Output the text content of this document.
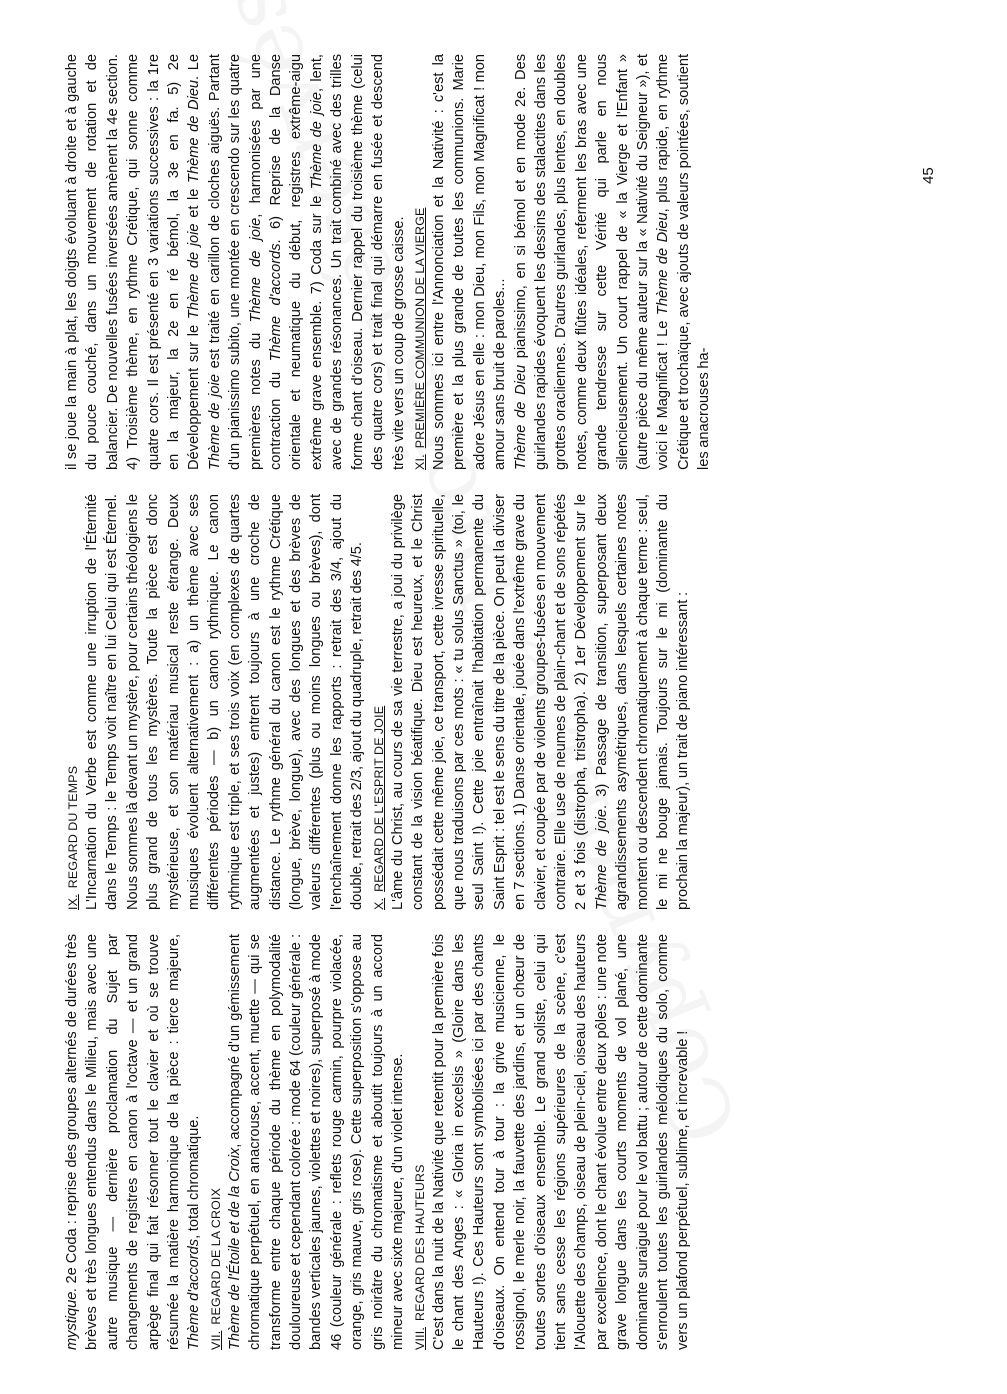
mystique. 2e Coda : reprise des groupes alternés de durées très brèves et très longues entendus dans le Milieu, mais avec une autre musique — dernière proclamation du Sujet par changements de registres en canon à l'octave — et un grand arpège final qui fait résonner tout le clavier et où se trouve résumée la matière harmonique de la pièce : tierce majeure, Thème d'accords, total chromatique.

VII.REGARD DE LA CROIX Thème de l'Étoile et de la Croix, accompagné d'un gémissement chromatique perpétuel, en anacrouse, accent, muette — qui se transforme entre chaque période du thème en polymodalité douloureuse et cependant colorée : mode 64 (couleur générale : bandes verticales jaunes, violettes et noires), superposé à mode 46 (couleur générale : reflets rouge carmin, pourpre violacée, orange, gris mauve, gris rose). Cette superposition s'oppose au gris noirâtre du chromatisme et aboutit toujours à un accord mineur avec sixte majeure, d'un violet intense. VIII.REGARD DES HAUTEURS C'est dans la nuit de la Nativité que retentit pour la première fois le chant des Anges : « Gloria in excelsis » (Gloire dans les Hauteurs !). Ces Hauteurs sont symbolisées ici par des chants d'oiseaux. On entend tour à tour : la grive musicienne, le rossignol, le merle noir, la fauvette des jardins, et un chœur de toutes sortes d'oiseaux ensemble. Le grand soliste, celui qui tient sans cesse les régions supérieures de la scène, c'est l'Alouette des champs, oiseau de plein-ciel, oiseau des hauteurs par excellence, dont le chant évolue entre deux pôles : une note grave longue dans les courts moments de vol plané, une dominante suraiguë pour le vol battu ; autour de cette dominante s'enroulent toutes les guirlandes mélodiques du solo, comme vers un plafond perpétuel, sublime, et increvable !

IX.REGARD DU TEMPS L'Incarnation du Verbe est comme une irruption de l'Éternité dans le Temps : le Temps voit naître en lui Celui qui est Éternel. Nous sommes là devant un mystère, pour certains théologiens le plus grand de tous les mystères. Toute la pièce est donc mystérieuse, et son matériau musical reste étrange. Deux musiques évoluent alternativement : a) un thème avec ses différentes périodes — b) un canon rythmique. Le canon rythmique est triple, et ses trois voix (en complexes de quartes augmentées et justes) entrent toujours à une croche de distance. Le rythme général du canon est le rythme Crétique (longue, brève, longue), avec des longues et des brèves de valeurs différentes (plus ou moins longues ou brèves), dont l'enchaînement donne les rapports : retrait des 3/4, ajout du double, retrait des 2/3, ajout du quadruple, retrait des 4/5. X.REGARD DE L'ESPRIT DE JOIE L'âme du Christ, au cours de sa vie terrestre, a joui du privilège constant de la vision béatifique. Dieu est heureux, et le Christ possédait cette même joie, ce transport, cette ivresse spirituelle, que nous traduisons par ces mots : « tu solus Sanctus » (toi, le seul Saint !). Cette joie entraînait l'habitation permanente du Saint Esprit : tel est le sens du titre de la pièce. On peut la diviser en 7 sections. 1) Danse orientale, jouée dans l'extrême grave du clavier, et coupée par de violents groupes-fusées en mouvement contraire. Elle use de neumes de plain-chant et de sons répétés 2 et 3 fois (distropha, tristropha). 2) 1er Développement sur le Thème de joie. 3) Passage de transition, superposant deux agrandissements asymétriques, dans lesquels certaines notes montent ou descendent chromatiquement à chaque terme : seul, le mi ne bouge jamais. Toujours sur le mi (dominante du prochain la majeur), un trait de piano intéressant :

il se joue la main à plat, les doigts évoluant à droite et à gauche du pouce couché, dans un mouvement de rotation et de balancier. De nouvelles fusées inversées amènent la 4e section. 4) Troisième thème, en rythme Crétique, qui sonne comme quatre cors. Il est présenté en 3 variations successives : la 1re en la majeur, la 2e en ré bémol, la 3e en fa. 5) 2e Développement sur le Thème de joie et le Thème de Dieu. Le Thème de joie est traité en carillon de cloches aiguës. Partant d'un pianissimo subito, une montée en crescendo sur les quatre premières notes du Thème de joie, harmonisées par une contraction du Thème d'accords. 6) Reprise de la Danse orientale et neumatique du début, registres extrême-aigu extrême grave ensemble. 7) Coda sur le Thème de joie, lent, avec de grandes résonances. Un trait combiné avec des trilles forme chant d'oiseau. Dernier rappel du troisième thème (celui des quatre cors) et trait final qui démarre en fusée et descend très vite vers un coup de grosse caisse. XI.PREMIÈRE COMMUNION DE LA VIERGE Nous sommes ici entre l'Annonciation et la Nativité : c'est la première et la plus grande de toutes les communions. Marie adore Jésus en elle : mon Dieu, mon Fils, mon Magnificat ! mon amour sans bruit de paroles... Thème de Dieu pianissimo, en si bémol et en mode 2e. Des guirlandes rapides évoquent les dessins des stalactites dans les grottes oracliennes. D'autres guirlandes, plus lentes, en doubles notes, comme deux flûtes idéales, referment les bras avec une grande tendresse sur cette Vérité qui parle en nous silencieusement. Un court rappel de « la Vierge et l'Enfant » (autre pièce du même auteur sur la « Nativité du Seigneur »), et voici le Magnificat ! Le Thème de Dieu, plus rapide, en rythme Crétique et trochaïque, avec ajouts de valeurs pointées, soutient les anacrouses ha-

45
